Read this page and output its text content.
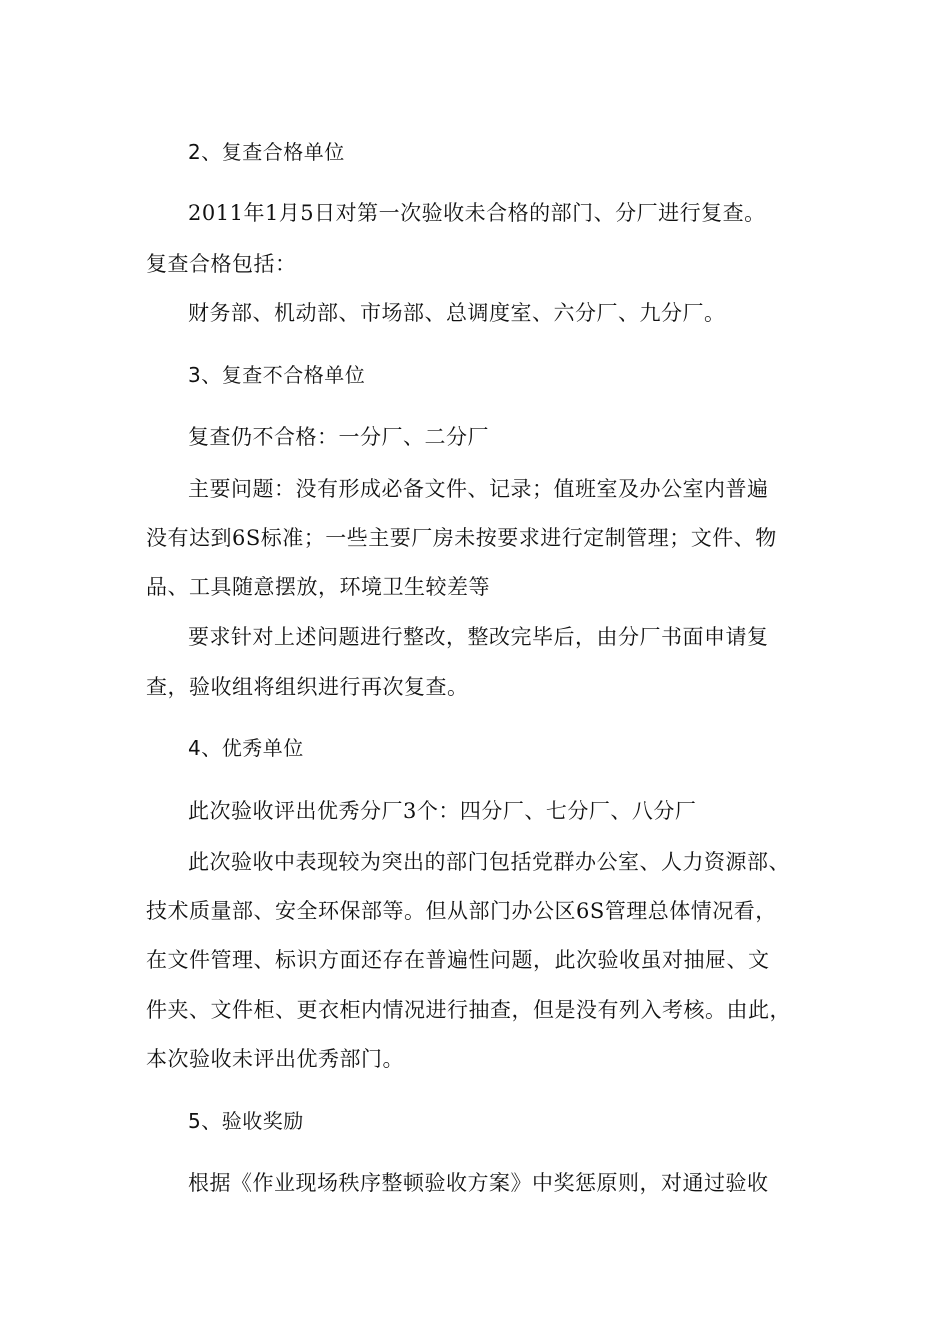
2、复查合格单位
2011年1月5日对第一次验收未合格的部门、分厂进行复查。
复查合格包括：
财务部、机动部、市场部、总调度室、六分厂、九分厂。
3、复查不合格单位
复查仍不合格：一分厂、二分厂
主要问题：没有形成必备文件、记录；值班室及办公室内普遍
没有达到6S标准；一些主要厂房未按要求进行定制管理；文件、物
品、工具随意摆放，环境卫生较差等
要求针对上述问题进行整改，整改完毕后，由分厂书面申请复
查，验收组将组织进行再次复查。
4、优秀单位
此次验收评出优秀分厂3个：四分厂、七分厂、八分厂
此次验收中表现较为突出的部门包括党群办公室、人力资源部、
技术质量部、安全环保部等。但从部门办公区6S管理总体情况看，
在文件管理、标识方面还存在普遍性问题，此次验收虽对抽屉、文
件夹、文件柜、更衣柜内情况进行抽查，但是没有列入考核。由此，
本次验收未评出优秀部门。
5、验收奖励
根据《作业现场秩序整顿验收方案》中奖惩原则，对通过验收
